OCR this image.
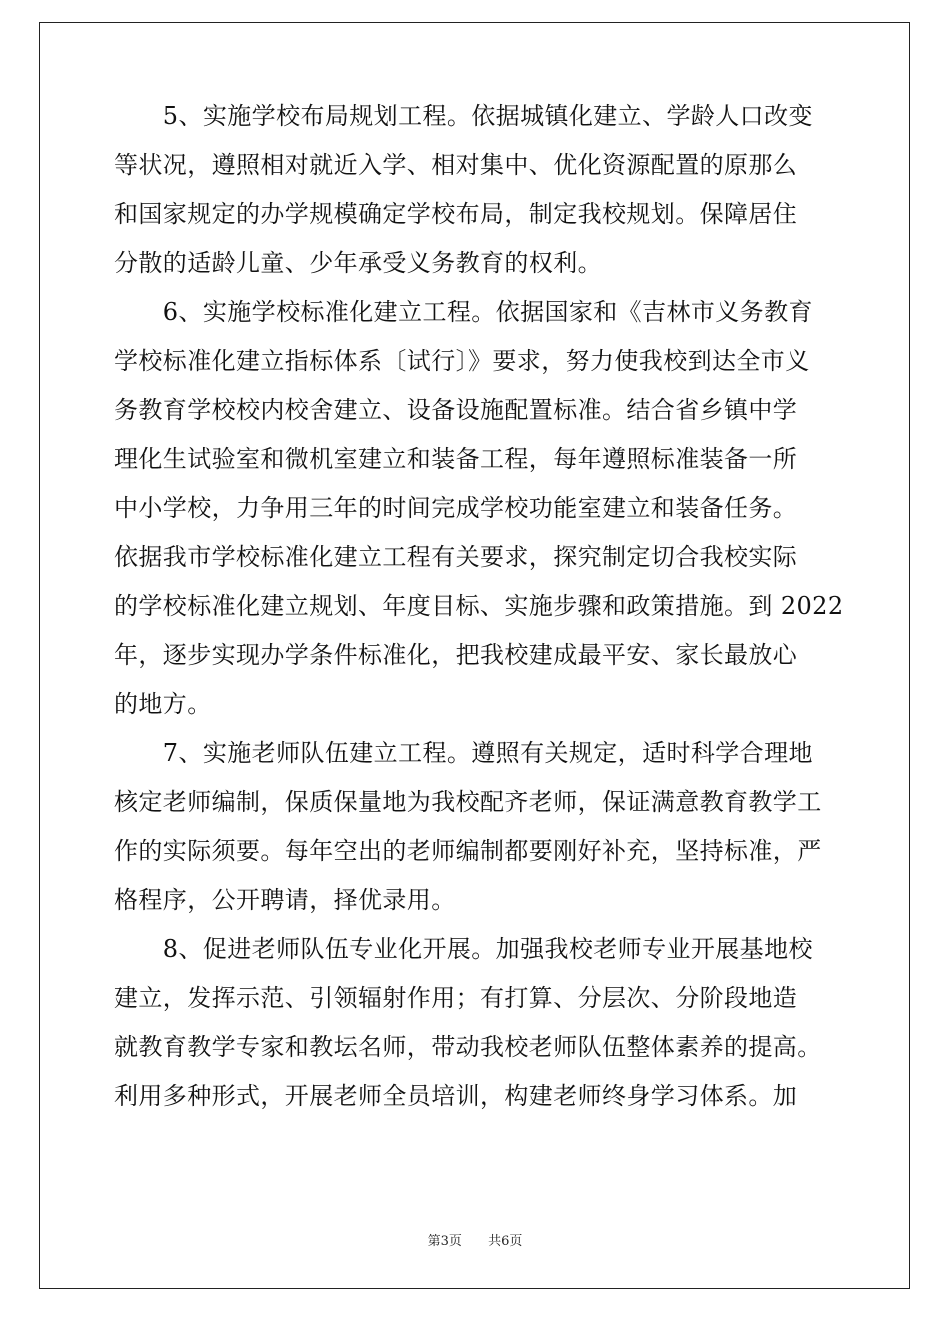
　　5、实施学校布局规划工程。依据城镇化建立、学龄人口改变
等状况，遵照相对就近入学、相对集中、优化资源配置的原那么
和国家规定的办学规模确定学校布局，制定我校规划。保障居住
分散的适龄儿童、少年承受义务教育的权利。
　　6、实施学校标准化建立工程。依据国家和《吉林市义务教育
学校标准化建立指标体系〔试行〕》要求，努力使我校到达全市义
务教育学校校内校舍建立、设备设施配置标准。结合省乡镇中学
理化生试验室和微机室建立和装备工程，每年遵照标准装备一所
中小学校，力争用三年的时间完成学校功能室建立和装备任务。
依据我市学校标准化建立工程有关要求，探究制定切合我校实际
的学校标准化建立规划、年度目标、实施步骤和政策措施。到 2022
年，逐步实现办学条件标准化，把我校建成最平安、家长最放心
的地方。
　　7、实施老师队伍建立工程。遵照有关规定，适时科学合理地
核定老师编制，保质保量地为我校配齐老师，保证满意教育教学工
作的实际须要。每年空出的老师编制都要刚好补充，坚持标准，严
格程序，公开聘请，择优录用。
　　8、促进老师队伍专业化开展。加强我校老师专业开展基地校
建立，发挥示范、引领辐射作用；有打算、分层次、分阶段地造
就教育教学专家和教坛名师，带动我校老师队伍整体素养的提高。
利用多种形式，开展老师全员培训，构建老师终身学习体系。加
第3页 共6页
